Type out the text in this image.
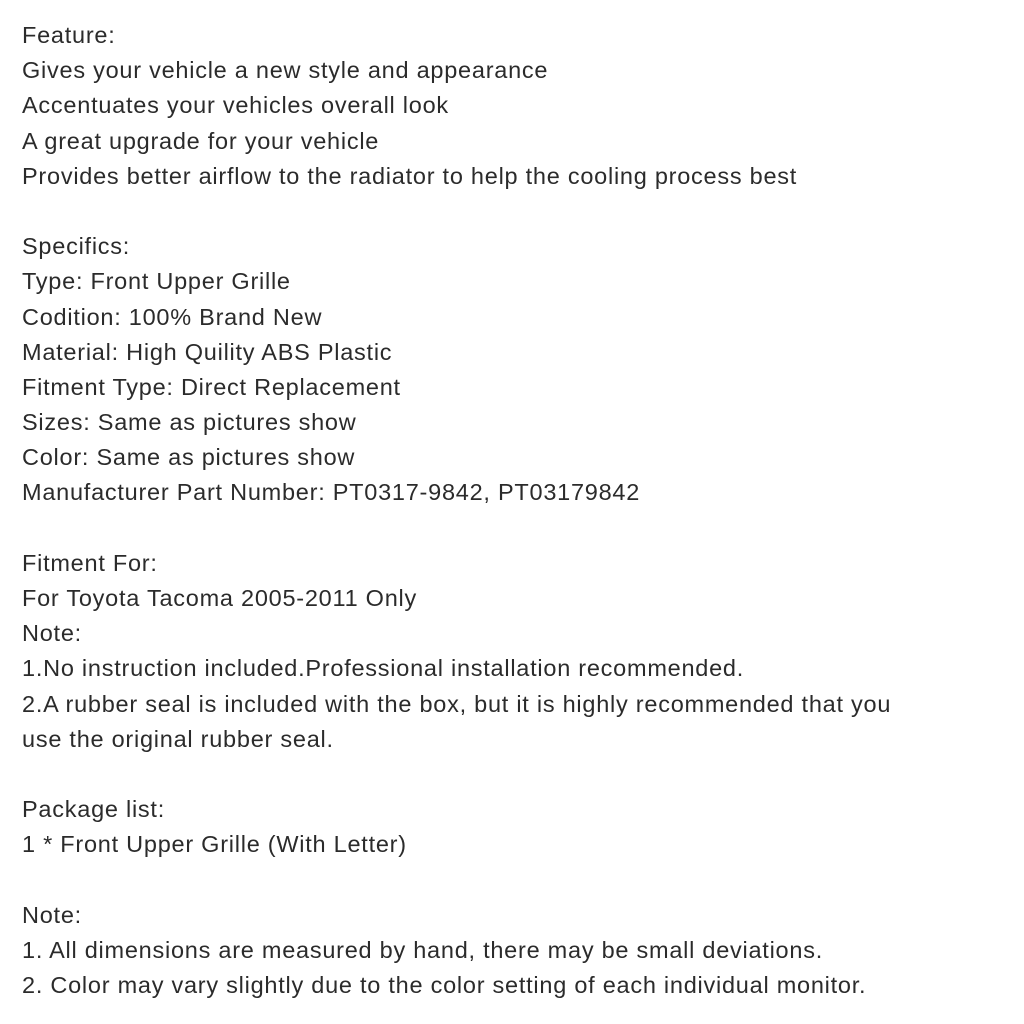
Feature:
Gives your vehicle a new style and appearance
Accentuates your vehicles overall look
A great upgrade for your vehicle
Provides better airflow to the radiator to help the cooling process best
Specifics:
Type: Front Upper Grille
Codition: 100% Brand New
Material: High Quility ABS Plastic
Fitment Type: Direct Replacement
Sizes: Same as pictures show
Color: Same as pictures show
Manufacturer Part Number: PT0317-9842, PT03179842
Fitment For:
For Toyota Tacoma 2005-2011 Only
Note:
1.No instruction included.Professional installation recommended.
2.A rubber seal is included with the box, but it is highly recommended that you
use the original rubber seal.
Package list:
1 * Front Upper Grille (With Letter)
Note:
1. All dimensions are measured by hand, there may be small deviations.
2. Color may vary slightly due to the color setting of each individual monitor.
